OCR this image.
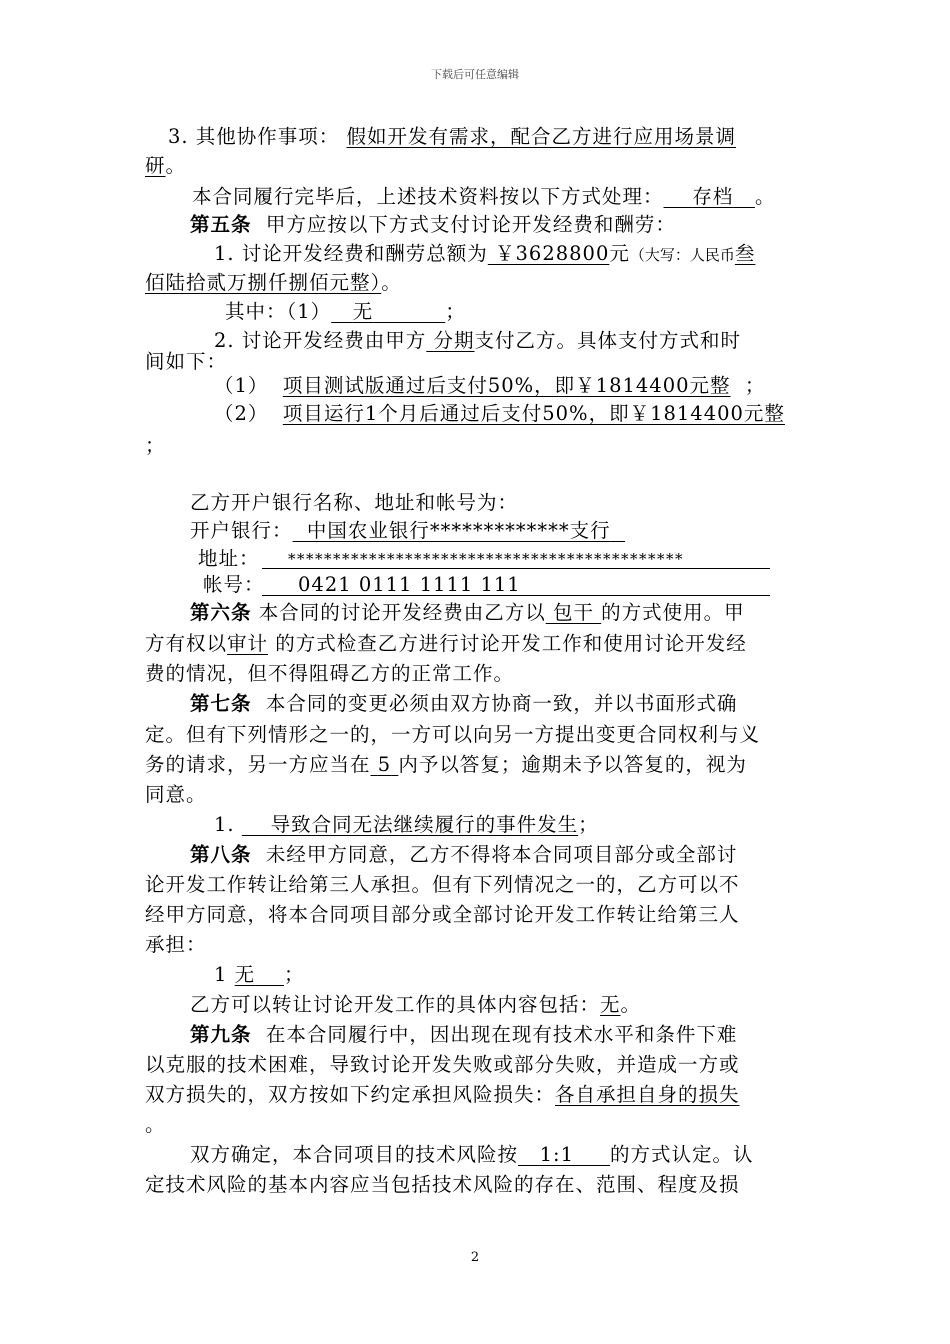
下载后可任意编辑
3. 其他协作事项： 假如开发有需求，配合乙方进行应用场景调
研。
本合同履行完毕后，上述技术资料按以下方式处理： 存档 。
第五条 甲方应按以下方式支付讨论开发经费和酬劳：
1. 讨论开发经费和酬劳总额为 ￥3628800元（大写：人民币叁
佰陆拾贰万捌仟捌佰元整）。
其中：（1） 无	；
2. 讨论开发经费由甲方 分期支付乙方。具体支付方式和时
间如下：
（1） 项目测试版通过后支付50%，即￥1814400元整 ；
（2） 项目运行1个月后通过后支付50%，即￥1814400元整
；
乙方开户银行名称、地址和帐号为：
开户银行： 中国农业银行*************支行
地址： ********************************************
帐号： 0421 0111 1111 111
第六条 本合同的讨论开发经费由乙方以 包干 的方式使用。甲
方有权以审计 的方式检查乙方进行讨论开发工作和使用讨论开发经
费的情况，但不得阻碍乙方的正常工作。
第七条 本合同的变更必须由双方协商一致，并以书面形式确
定。但有下列情形之一的，一方可以向另一方提出变更合同权利与义
务的请求，另一方应当在 5 内予以答复；逾期未予以答复的，视为
同意。
1. 导致合同无法继续履行的事件发生；
第八条 未经甲方同意，乙方不得将本合同项目部分或全部讨
论开发工作转让给第三人承担。但有下列情况之一的，乙方可以不
经甲方同意，将本合同项目部分或全部讨论开发工作转让给第三人
承担：
1 无 ；
乙方可以转让讨论开发工作的具体内容包括：无。
第九条 在本合同履行中，因出现在现有技术水平和条件下难
以克服的技术困难，导致讨论开发失败或部分失败，并造成一方或
双方损失的，双方按如下约定承担风险损失：各自承担自身的损失
。
双方确定，本合同项目的技术风险按 1:1 的方式认定。认
定技术风险的基本内容应当包括技术风险的存在、范围、程度及损
2
